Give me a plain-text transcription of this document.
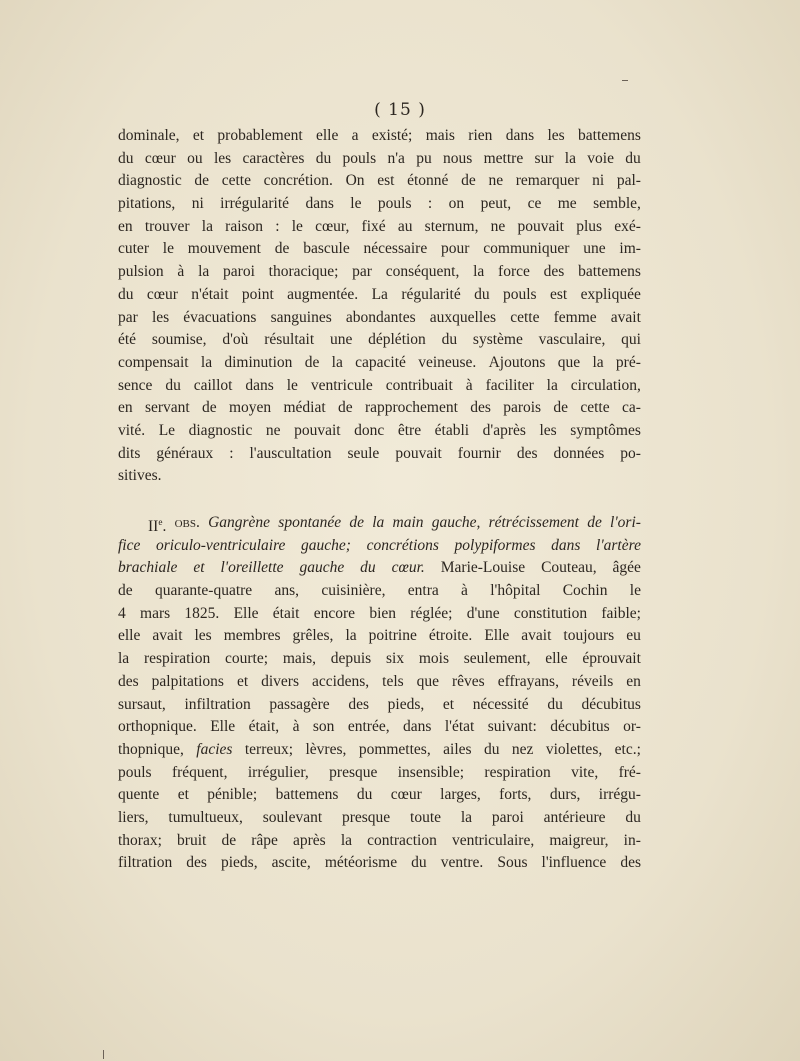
( 15 )
dominale, et probablement elle a existé; mais rien dans les battemens
du cœur ou les caractères du pouls n'a pu nous mettre sur la voie du
diagnostic de cette concrétion. On est étonné de ne remarquer ni pal-
pitations, ni irrégularité dans le pouls : on peut, ce me semble,
en trouver la raison : le cœur, fixé au sternum, ne pouvait plus exé-
cuter le mouvement de bascule nécessaire pour communiquer une im-
pulsion à la paroi thoracique; par conséquent, la force des battemens
du cœur n'était point augmentée. La régularité du pouls est expliquée
par les évacuations sanguines abondantes auxquelles cette femme avait
été soumise, d'où résultait une déplétion du système vasculaire, qui
compensait la diminution de la capacité veineuse. Ajoutons que la pré-
sence du caillot dans le ventricule contribuait à faciliter la circulation,
en servant de moyen médiat de rapprochement des parois de cette ca-
vité. Le diagnostic ne pouvait donc être établi d'après les symptômes
dits généraux : l'auscultation seule pouvait fournir des données po-
sitives.
IIe. obs. Gangrène spontanée de la main gauche, rétrécissement de l'ori-
fice oriculo-ventriculaire gauche; concrétions polypiformes dans l'artère
brachiale et l'oreillette gauche du cœur. Marie-Louise Couteau, âgée
de quarante-quatre ans, cuisinière, entra à l'hôpital Cochin le
4 mars 1825. Elle était encore bien réglée; d'une constitution faible;
elle avait les membres grêles, la poitrine étroite. Elle avait toujours eu
la respiration courte; mais, depuis six mois seulement, elle éprouvait
des palpitations et divers accidens, tels que rêves effrayans, réveils en
sursaut, infiltration passagère des pieds, et nécessité du décubitus
orthopnique. Elle était, à son entrée, dans l'état suivant: décubitus or-
thopnique, facies terreux; lèvres, pommettes, ailes du nez violettes, etc.;
pouls fréquent, irrégulier, presque insensible; respiration vite, fré-
quente et pénible; battemens du cœur larges, forts, durs, irrégu-
liers, tumultueux, soulevant presque toute la paroi antérieure du
thorax; bruit de râpe après la contraction ventriculaire, maigreur, in-
filtration des pieds, ascite, météorisme du ventre. Sous l'influence des
